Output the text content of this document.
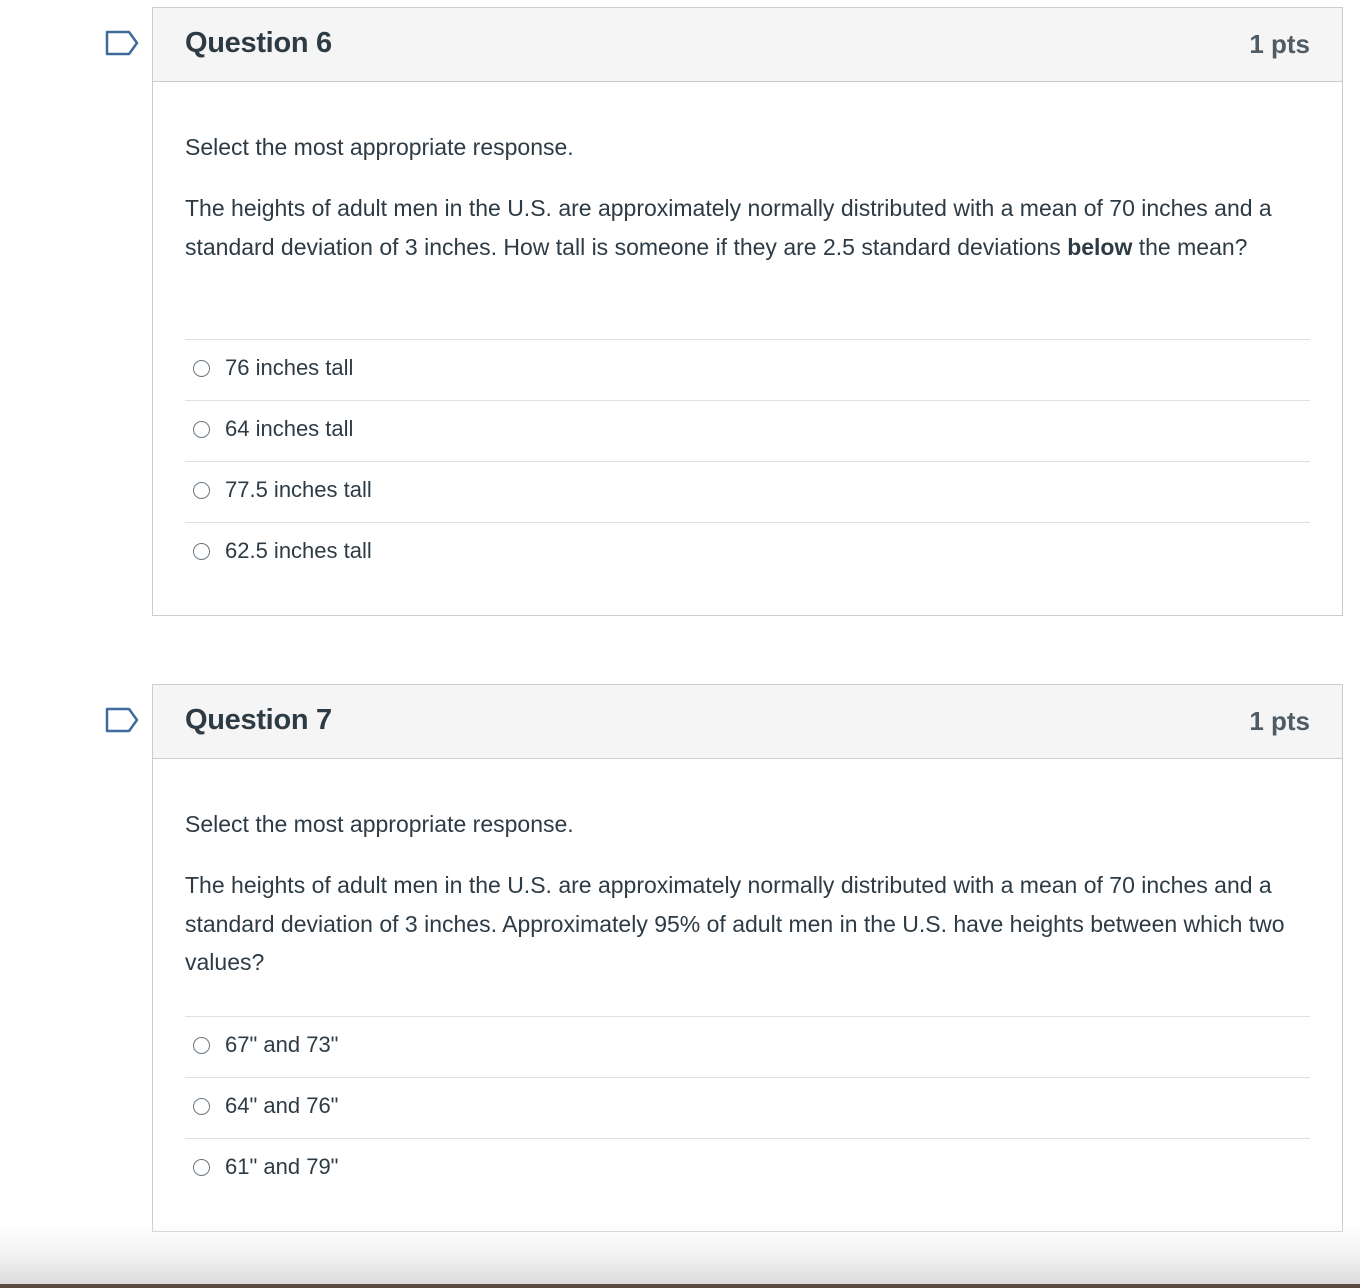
Question 6	1 pts

Select the most appropriate response.

The heights of adult men in the U.S. are approximately normally distributed with a mean of 70 inches and a standard deviation of 3 inches. How tall is someone if they are 2.5 standard deviations below the mean?

76 inches tall
64 inches tall
77.5 inches tall
62.5 inches tall
Question 7	1 pts

Select the most appropriate response.

The heights of adult men in the U.S. are approximately normally distributed with a mean of 70 inches and a standard deviation of 3 inches. Approximately 95% of adult men in the U.S. have heights between which two values?

67" and 73"
64" and 76"
61" and 79"
